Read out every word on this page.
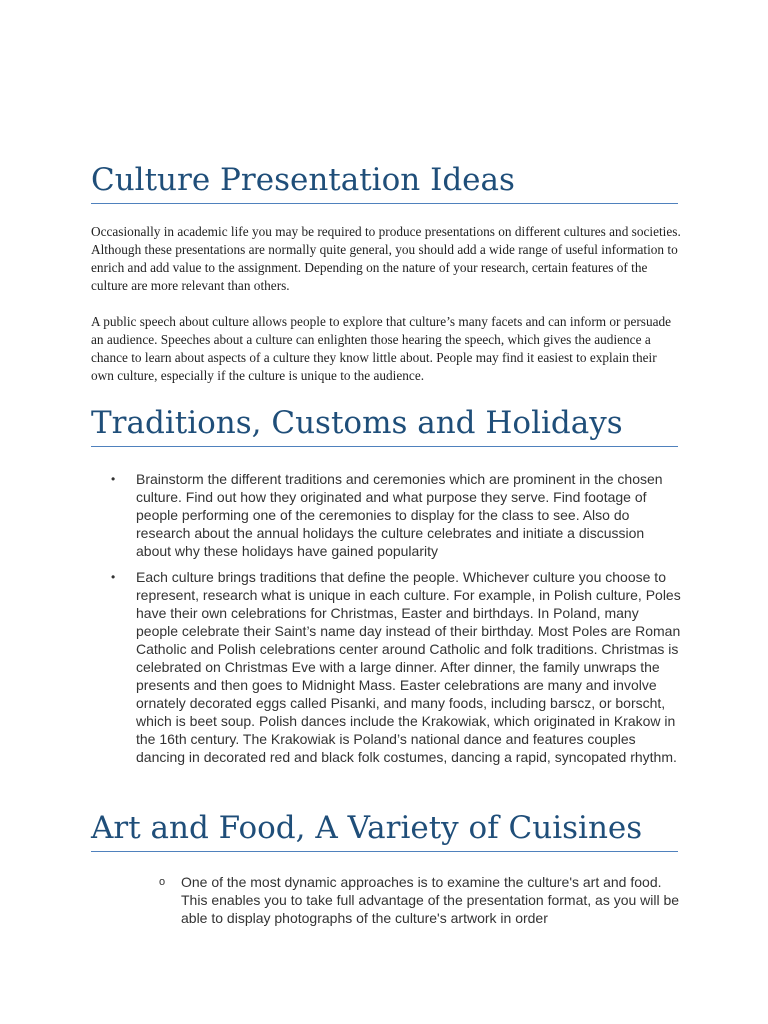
Culture Presentation Ideas

Occasionally in academic life you may be required to produce presentations on different cultures and societies. Although these presentations are normally quite general, you should add a wide range of useful information to enrich and add value to the assignment. Depending on the nature of your research, certain features of the culture are more relevant than others.

A public speech about culture allows people to explore that culture’s many facets and can inform or persuade an audience. Speeches about a culture can enlighten those hearing the speech, which gives the audience a chance to learn about aspects of a culture they know little about. People may find it easiest to explain their own culture, especially if the culture is unique to the audience.

Traditions, Customs and Holidays
• Brainstorm the different traditions and ceremonies which are prominent in the chosen culture. Find out how they originated and what purpose they serve. Find footage of people performing one of the ceremonies to display for the class to see. Also do research about the annual holidays the culture celebrates and initiate a discussion about why these holidays have gained popularity
• Each culture brings traditions that define the people. Whichever culture you choose to represent, research what is unique in each culture. For example, in Polish culture, Poles have their own celebrations for Christmas, Easter and birthdays. In Poland, many people celebrate their Saint’s name day instead of their birthday. Most Poles are Roman Catholic and Polish celebrations center around Catholic and folk traditions. Christmas is celebrated on Christmas Eve with a large dinner. After dinner, the family unwraps the presents and then goes to Midnight Mass. Easter celebrations are many and involve ornately decorated eggs called Pisanki, and many foods, including barscz, or borscht, which is beet soup. Polish dances include the Krakowiak, which originated in Krakow in the 16th century. The Krakowiak is Poland’s national dance and features couples dancing in decorated red and black folk costumes, dancing a rapid, syncopated rhythm.
Art and Food, A Variety of Cuisines
o One of the most dynamic approaches is to examine the culture's art and food. This enables you to take full advantage of the presentation format, as you will be able to display photographs of the culture's artwork in order
